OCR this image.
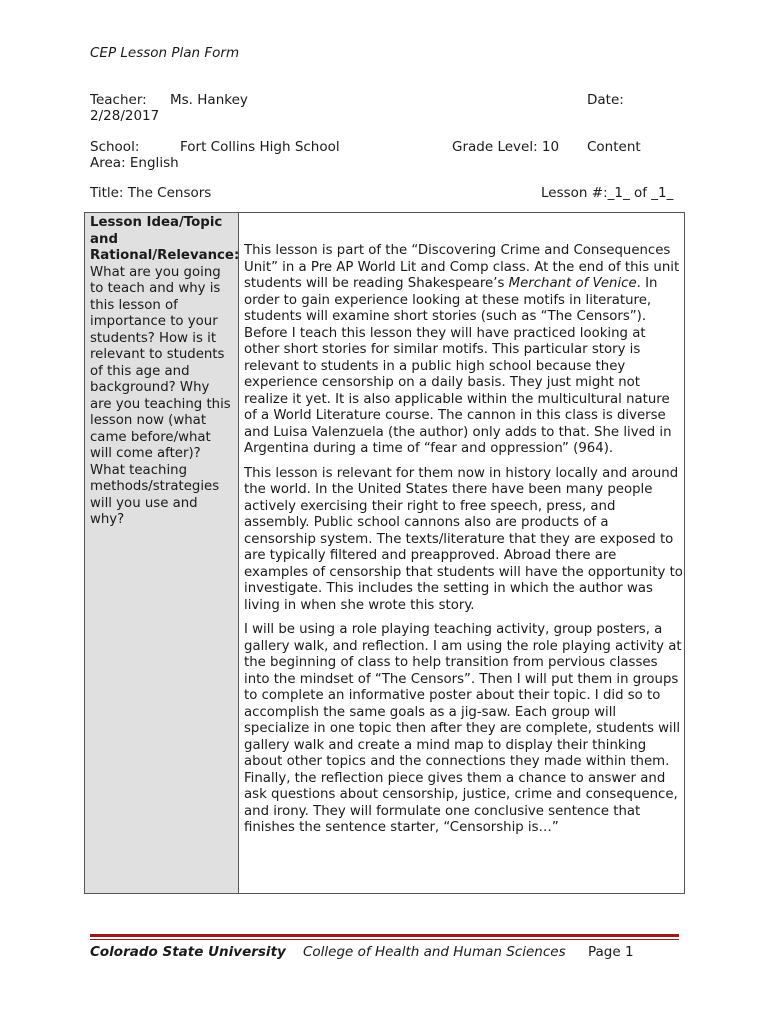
CEP Lesson Plan Form
Teacher: Ms. Hankey	Date:
2/28/2017
School:	Fort Collins High School	Grade Level: 10 Content
Area: English
Title: The Censors	Lesson #:_1_ of _1_
Lesson Idea/Topic and Rational/Relevance: What are you going to teach and why is this lesson of importance to your students? How is it relevant to students of this age and background? Why are you teaching this lesson now (what came before/what will come after)? What teaching methods/strategies will you use and why?

This lesson is part of the “Discovering Crime and Consequences Unit” in a Pre AP World Lit and Comp class. At the end of this unit students will be reading Shakespeare’s Merchant of Venice. In order to gain experience looking at these motifs in literature, students will examine short stories (such as “The Censors”). Before I teach this lesson they will have practiced looking at other short stories for similar motifs. This particular story is relevant to students in a public high school because they experience censorship on a daily basis. They just might not realize it yet. It is also applicable within the multicultural nature of a World Literature course. The cannon in this class is diverse and Luisa Valenzuela (the author) only adds to that. She lived in Argentina during a time of “fear and oppression” (964).

This lesson is relevant for them now in history locally and around the world. In the United States there have been many people actively exercising their right to free speech, press, and assembly. Public school cannons also are products of a censorship system. The texts/literature that they are exposed to are typically filtered and preapproved. Abroad there are examples of censorship that students will have the opportunity to investigate. This includes the setting in which the author was living in when she wrote this story.

I will be using a role playing teaching activity, group posters, a gallery walk, and reflection. I am using the role playing activity at the beginning of class to help transition from pervious classes into the mindset of “The Censors”. Then I will put them in groups to complete an informative poster about their topic. I did so to accomplish the same goals as a jig-saw. Each group will specialize in one topic then after they are complete, students will gallery walk and create a mind map to display their thinking about other topics and the connections they made within them. Finally, the reflection piece gives them a chance to answer and ask questions about censorship, justice, crime and consequence, and irony. They will formulate one conclusive sentence that finishes the sentence starter, “Censorship is…”

Colorado State University College of Health and Human Sciences Page 1
